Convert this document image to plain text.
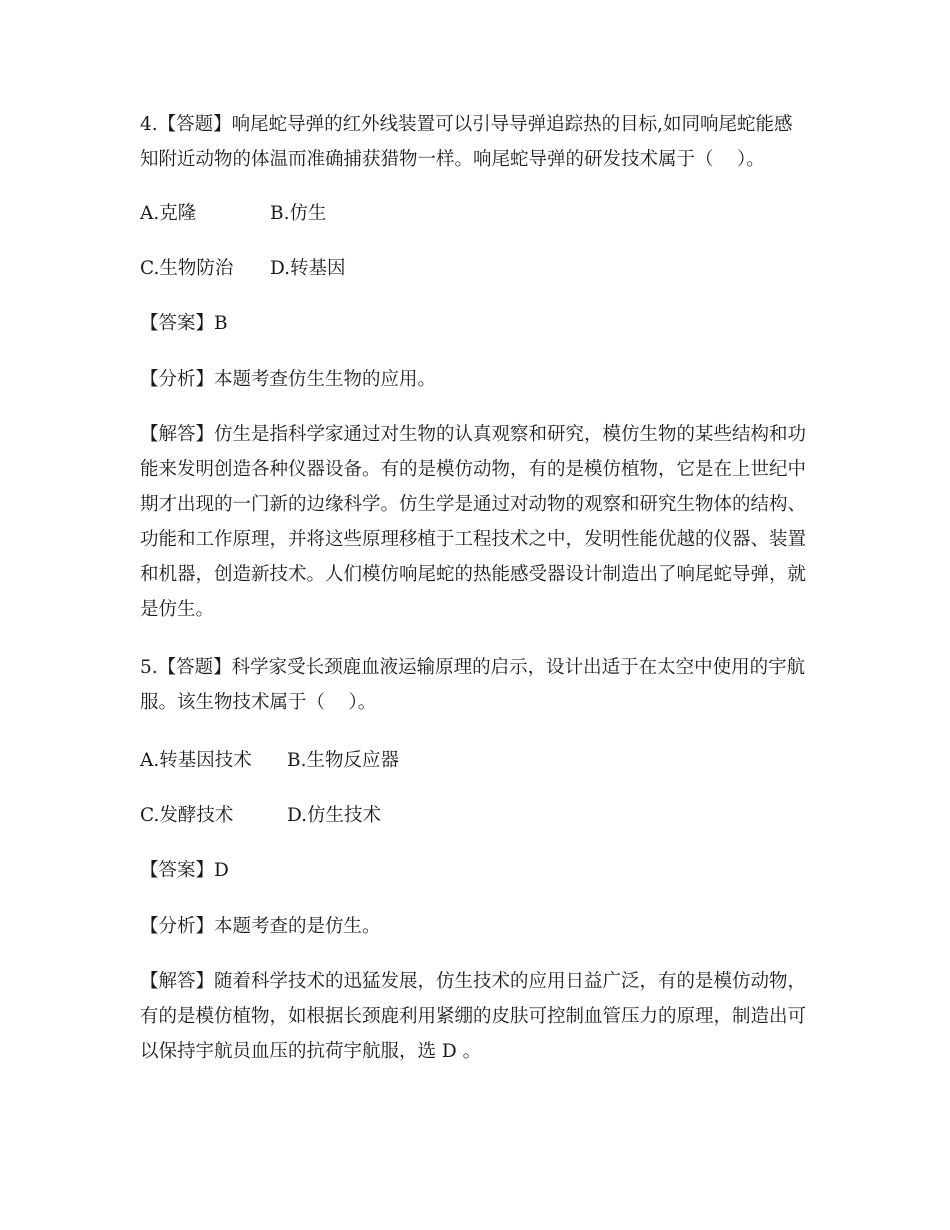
4.【答题】响尾蛇导弹的红外线装置可以引导导弹追踪热的目标,如同响尾蛇能感
知附近动物的体温而准确捕获猎物一样。响尾蛇导弹的研发技术属于（    ）。

A.克隆

	B.仿生

C.生物防治

D.转基因

【答案】B
【分析】本题考查仿生生物的应用。
【解答】仿生是指科学家通过对生物的认真观察和研究，模仿生物的某些结构和功
能来发明创造各种仪器设备。有的是模仿动物，有的是模仿植物，它是在上世纪中
期才出现的一门新的边缘科学。仿生学是通过对动物的观察和研究生物体的结构、
功能和工作原理，并将这些原理移植于工程技术之中，发明性能优越的仪器、装置
和机器，创造新技术。人们模仿响尾蛇的热能感受器设计制造出了响尾蛇导弹，就
是仿生。
5.【答题】科学家受长颈鹿血液运输原理的启示，设计出适于在太空中使用的宇航
服。该生物技术属于（    ）。

A.转基因技术

B.生物反应器

C.发酵技术

	D.仿生技术

【答案】D
【分析】本题考查的是仿生。
【解答】随着科学技术的迅猛发展，仿生技术的应用日益广泛，有的是模仿动物，
有的是模仿植物，如根据长颈鹿利用紧绷的皮肤可控制血管压力的原理，制造出可
以保持宇航员血压的抗荷宇航服，选 D 。
